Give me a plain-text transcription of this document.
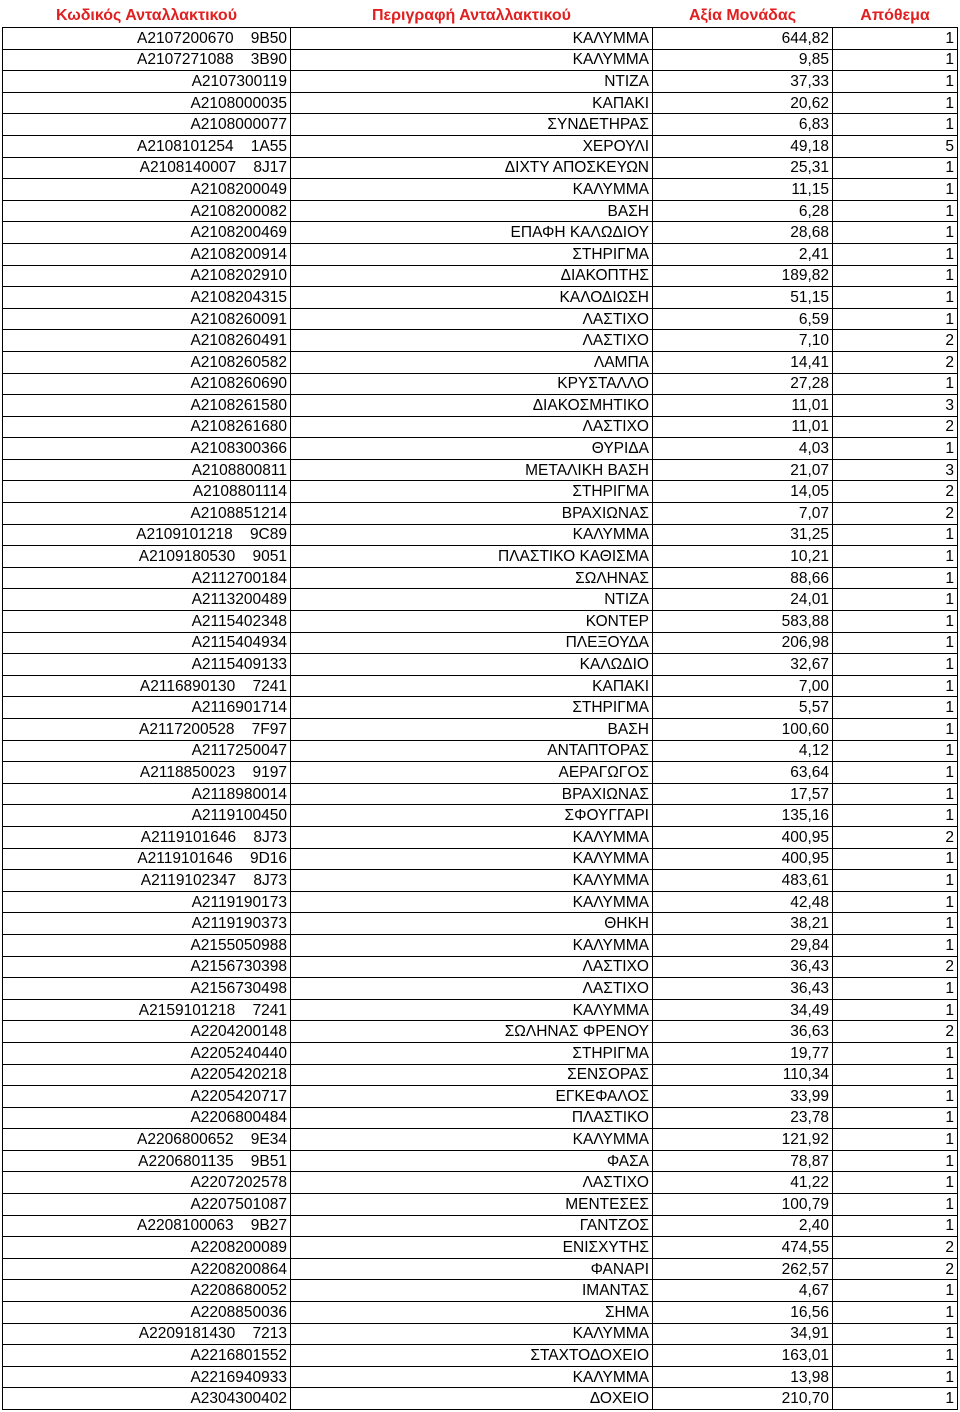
Κωδικός Ανταλλακτικού	Περιγραφή Ανταλλακτικού	Αξία Μονάδας	Απόθεμα
A2107200670    9B50	ΚΑΛΥΜΜΑ	644,82	1
A2107271088    3B90	ΚΑΛΥΜΜΑ	9,85	1
A2107300119	ΝΤΙΖΑ	37,33	1
A2108000035	ΚΑΠΑΚΙ	20,62	1
A2108000077	ΣΥΝΔΕΤΗΡΑΣ	6,83	1
A2108101254    1A55	ΧΕΡΟΥΛΙ	49,18	5
A2108140007    8J17	ΔΙΧΤΥ ΑΠΟΣΚΕΥΩΝ	25,31	1
A2108200049	ΚΑΛΥΜΜΑ	11,15	1
A2108200082	ΒΑΣΗ	6,28	1
A2108200469	ΕΠΑΦΗ ΚΑΛΩΔΙΟΥ	28,68	1
A2108200914	ΣΤΗΡΙΓΜΑ	2,41	1
A2108202910	ΔΙΑΚΟΠΤΗΣ	189,82	1
A2108204315	ΚΑΛΟΔΙΩΣΗ	51,15	1
A2108260091	ΛΑΣΤΙΧΟ	6,59	1
A2108260491	ΛΑΣΤΙΧΟ	7,10	2
A2108260582	ΛΑΜΠΑ	14,41	2
A2108260690	ΚΡΥΣΤΑΛΛΟ	27,28	1
A2108261580	ΔΙΑΚΟΣΜΗΤΙΚΟ	11,01	3
A2108261680	ΛΑΣΤΙΧΟ	11,01	2
A2108300366	ΘΥΡΙΔΑ	4,03	1
A2108800811	ΜΕΤΑΛΙΚΗ ΒΑΣΗ	21,07	3
A2108801114	ΣΤΗΡΙΓΜΑ	14,05	2
A2108851214	ΒΡΑΧΙΩΝΑΣ	7,07	2
A2109101218    9C89	ΚΑΛΥΜΜΑ	31,25	1
A2109180530    9051	ΠΛΑΣΤΙΚΟ ΚΑΘΙΣΜΑ	10,21	1
A2112700184	ΣΩΛΗΝΑΣ	88,66	1
A2113200489	ΝΤΙΖΑ	24,01	1
A2115402348	ΚΟΝΤΕΡ	583,88	1
A2115404934	ΠΛΕΞΟΥΔΑ	206,98	1
A2115409133	ΚΑΛΩΔΙΟ	32,67	1
A2116890130    7241	ΚΑΠΑΚΙ	7,00	1
A2116901714	ΣΤΗΡΙΓΜΑ	5,57	1
A2117200528    7F97	ΒΑΣΗ	100,60	1
A2117250047	ΑΝΤΑΠΤΟΡΑΣ	4,12	1
A2118850023    9197	ΑΕΡΑΓΩΓΟΣ	63,64	1
A2118980014	ΒΡΑΧΙΩΝΑΣ	17,57	1
A2119100450	ΣΦΟΥΓΓΑΡΙ	135,16	1
A2119101646    8J73	ΚΑΛΥΜΜΑ	400,95	2
A2119101646    9D16	ΚΑΛΥΜΜΑ	400,95	1
A2119102347    8J73	ΚΑΛΥΜΜΑ	483,61	1
A2119190173	ΚΑΛΥΜΜΑ	42,48	1
A2119190373	ΘΗΚΗ	38,21	1
A2155050988	ΚΑΛΥΜΜΑ	29,84	1
A2156730398	ΛΑΣΤΙΧΟ	36,43	2
A2156730498	ΛΑΣΤΙΧΟ	36,43	1
A2159101218    7241	ΚΑΛΥΜΜΑ	34,49	1
A2204200148	ΣΩΛΗΝΑΣ ΦΡΕΝΟΥ	36,63	2
A2205240440	ΣΤΗΡΙΓΜΑ	19,77	1
A2205420218	ΣΕΝΣΟΡΑΣ	110,34	1
A2205420717	ΕΓΚΕΦΑΛΟΣ	33,99	1
A2206800484	ΠΛΑΣΤΙΚΟ	23,78	1
A2206800652    9E34	ΚΑΛΥΜΜΑ	121,92	1
A2206801135    9B51	ΦΑΣΑ	78,87	1
A2207202578	ΛΑΣΤΙΧΟ	41,22	1
A2207501087	ΜΕΝΤΕΣΕΣ	100,79	1
A2208100063    9B27	ΓΑΝΤΖΟΣ	2,40	1
A2208200089	ΕΝΙΣΧΥΤΗΣ	474,55	2
A2208200864	ΦΑΝΑΡΙ	262,57	2
A2208680052	ΙΜΑΝΤΑΣ	4,67	1
A2208850036	ΣΗΜΑ	16,56	1
A2209181430    7213	ΚΑΛΥΜΜΑ	34,91	1
A2216801552	ΣΤΑΧΤΟΔΟΧΕΙΟ	163,01	1
A2216940933	ΚΑΛΥΜΜΑ	13,98	1
A2304300402	ΔΟΧΕΙΟ	210,70	1
